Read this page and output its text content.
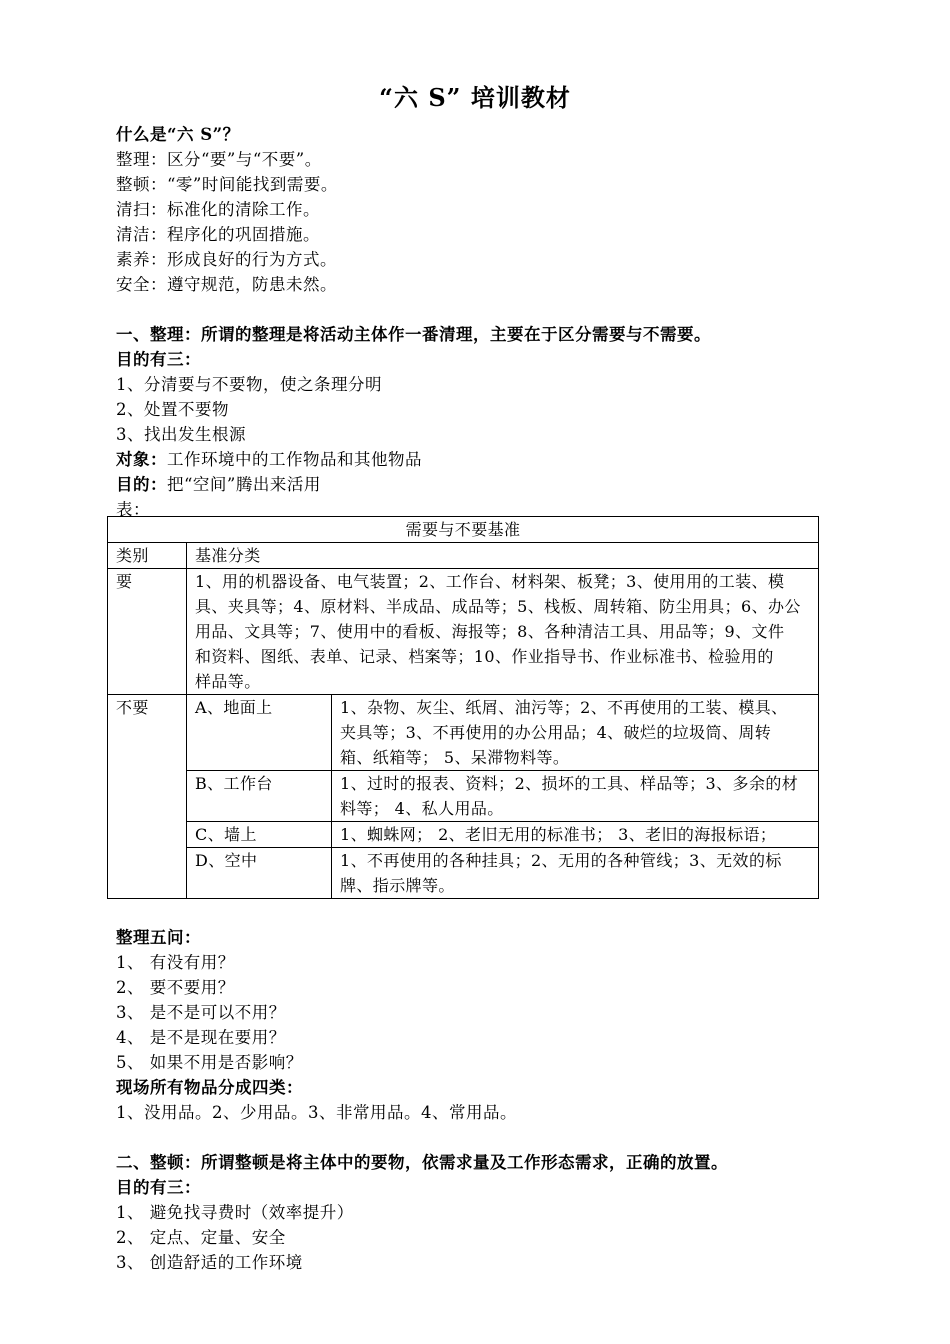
“六 S” 培训教材
什么是“六 S”？
整理：区分“要”与“不要”。
整顿：“零”时间能找到需要。
清扫：标准化的清除工作。
清洁：程序化的巩固措施。
素养：形成良好的行为方式。
安全：遵守规范，防患未然。
一、整理：所谓的整理是将活动主体作一番清理，主要在于区分需要与不需要。
目的有三：
1、分清要与不要物，使之条理分明
2、处置不要物
3、找出发生根源
对象：工作环境中的工作物品和其他物品
目的：把“空间”腾出来活用
表：
需要与不要基准		
类别	基准分类	
要	1、用的机器设备、电气装置；2、工作台、材料架、板凳；3、使用用的工装、模
具、夹具等；4、原材料、半成品、成品等；5、栈板、周转箱、防尘用具；6、办公
用品、文具等；7、使用中的看板、海报等；8、各种清洁工具、用品等；9、文件
和资料、图纸、表单、记录、档案等；10、作业指导书、作业标准书、检验用的
样品等。	

不要	A、地面上	1、杂物、灰尘、纸屑、油污等；2、不再使用的工装、模具、
夹具等；3、不再使用的办公用品；4、破烂的垃圾筒、周转
箱、纸箱等； 5、呆滞物料等。

	B、工作台	1、过时的报表、资料；2、损坏的工具、样品等；3、多余的材
料等； 4、私人用品。

	C、墙上	1、蜘蛛网； 2、老旧无用的标准书； 3、老旧的海报标语；

	D、空中	1、不再使用的各种挂具；2、无用的各种管线；3、无效的标
牌、指示牌等。
整理五问：
1、 有没有用？
2、 要不要用？
3、 是不是可以不用？
4、 是不是现在要用？
5、 如果不用是否影响？
现场所有物品分成四类：
1、没用品。2、少用品。3、非常用品。4、常用品。
二、整顿：所谓整顿是将主体中的要物，依需求量及工作形态需求，正确的放置。
目的有三：
1、 避免找寻费时（效率提升）
2、 定点、定量、安全
3、 创造舒适的工作环境
